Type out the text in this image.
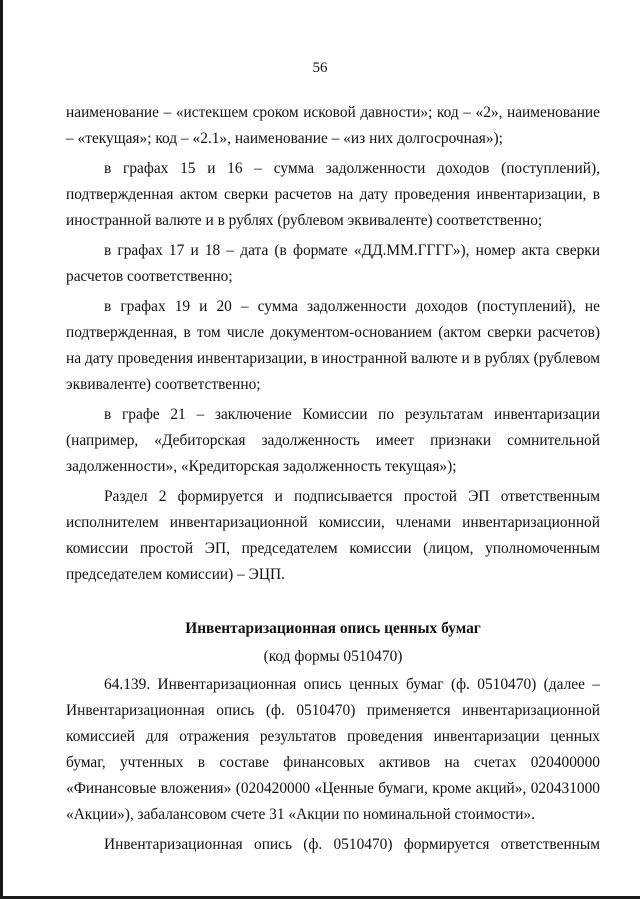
56

наименование – «истекшем сроком исковой давности»; код – «2», наименование – «текущая»; код – «2.1», наименование – «из них долгосрочная»);

в графах 15 и 16 – сумма задолженности доходов (поступлений), подтвержденная актом сверки расчетов на дату проведения инвентаризации, в иностранной валюте и в рублях (рублевом эквиваленте) соответственно;

в графах 17 и 18 – дата (в формате «ДД.ММ.ГГГГ»), номер акта сверки расчетов соответственно;

в графах 19 и 20 – сумма задолженности доходов (поступлений), не подтвержденная, в том числе документом-основанием (актом сверки расчетов) на дату проведения инвентаризации, в иностранной валюте и в рублях (рублевом эквиваленте) соответственно;

в графе 21 – заключение Комиссии по результатам инвентаризации (например, «Дебиторская задолженность имеет признаки сомнительной задолженности», «Кредиторская задолженность текущая»);

Раздел 2 формируется и подписывается простой ЭП ответственным исполнителем инвентаризационной комиссии, членами инвентаризационной комиссии простой ЭП, председателем комиссии (лицом, уполномоченным председателем комиссии) – ЭЦП.

Инвентаризационная опись ценных бумаг

(код формы 0510470)

64.139. Инвентаризационная опись ценных бумаг (ф. 0510470) (далее – Инвентаризационная опись (ф. 0510470) применяется инвентаризационной комиссией для отражения результатов проведения инвентаризации ценных бумаг, учтенных в составе финансовых активов на счетах 020400000 «Финансовые вложения» (020420000 «Ценные бумаги, кроме акций», 020431000 «Акции»), забалансовом счете 31 «Акции по номинальной стоимости».

Инвентаризационная опись (ф. 0510470) формируется ответственным
